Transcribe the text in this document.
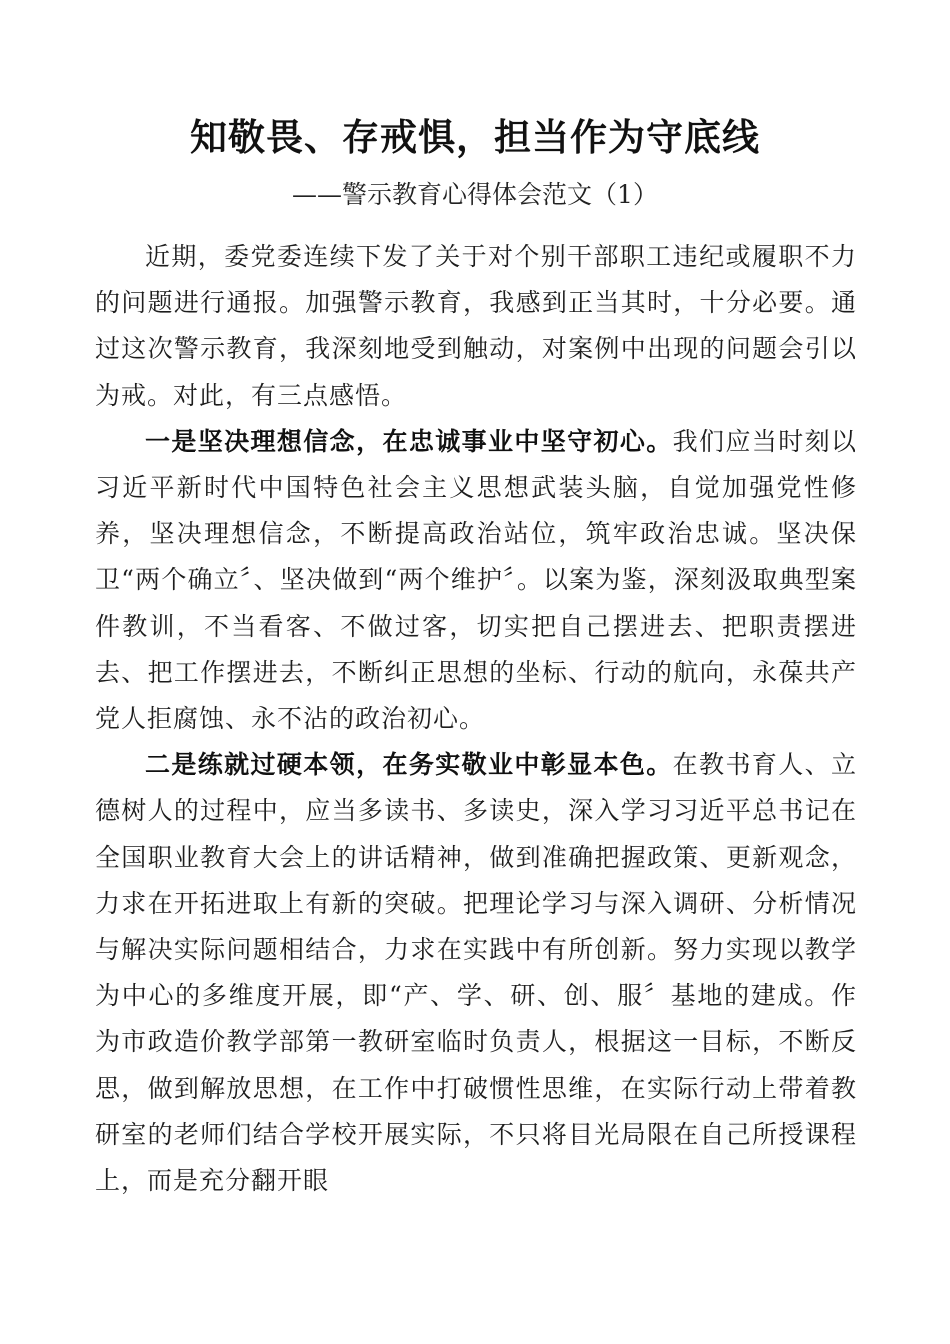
知敬畏、存戒惧，担当作为守底线
——警示教育心得体会范文（1）

近期，委党委连续下发了关于对个别干部职工违纪或履职不力的问题进行通报。加强警示教育，我感到正当其时，十分必要。通过这次警示教育，我深刻地受到触动，对案例中出现的问题会引以为戒。对此，有三点感悟。

一是坚决理想信念，在忠诚事业中坚守初心。我们应当时刻以习近平新时代中国特色社会主义思想武装头脑，自觉加强党性修养，坚决理想信念，不断提高政治站位，筑牢政治忠诚。坚决保卫“两个确立〞、坚决做到“两个维护〞。以案为鉴，深刻汲取典型案件教训，不当看客、不做过客，切实把自己摆进去、把职责摆进去、把工作摆进去，不断纠正思想的坐标、行动的航向，永葆共产党人拒腐蚀、永不沾的政治初心。

二是练就过硬本领，在务实敬业中彰显本色。在教书育人、立德树人的过程中，应当多读书、多读史，深入学习习近平总书记在全国职业教育大会上的讲话精神，做到准确把握政策、更新观念，力求在开拓进取上有新的突破。把理论学习与深入调研、分析情况与解决实际问题相结合，力求在实践中有所创新。努力实现以教学为中心的多维度开展，即“产、学、研、创、服〞基地的建成。作为市政造价教学部第一教研室临时负责人，根据这一目标，不断反思，做到解放思想，在工作中打破惯性思维，在实际行动上带着教研室的老师们结合学校开展实际，不只将目光局限在自己所授课程上，而是充分翻开眼
